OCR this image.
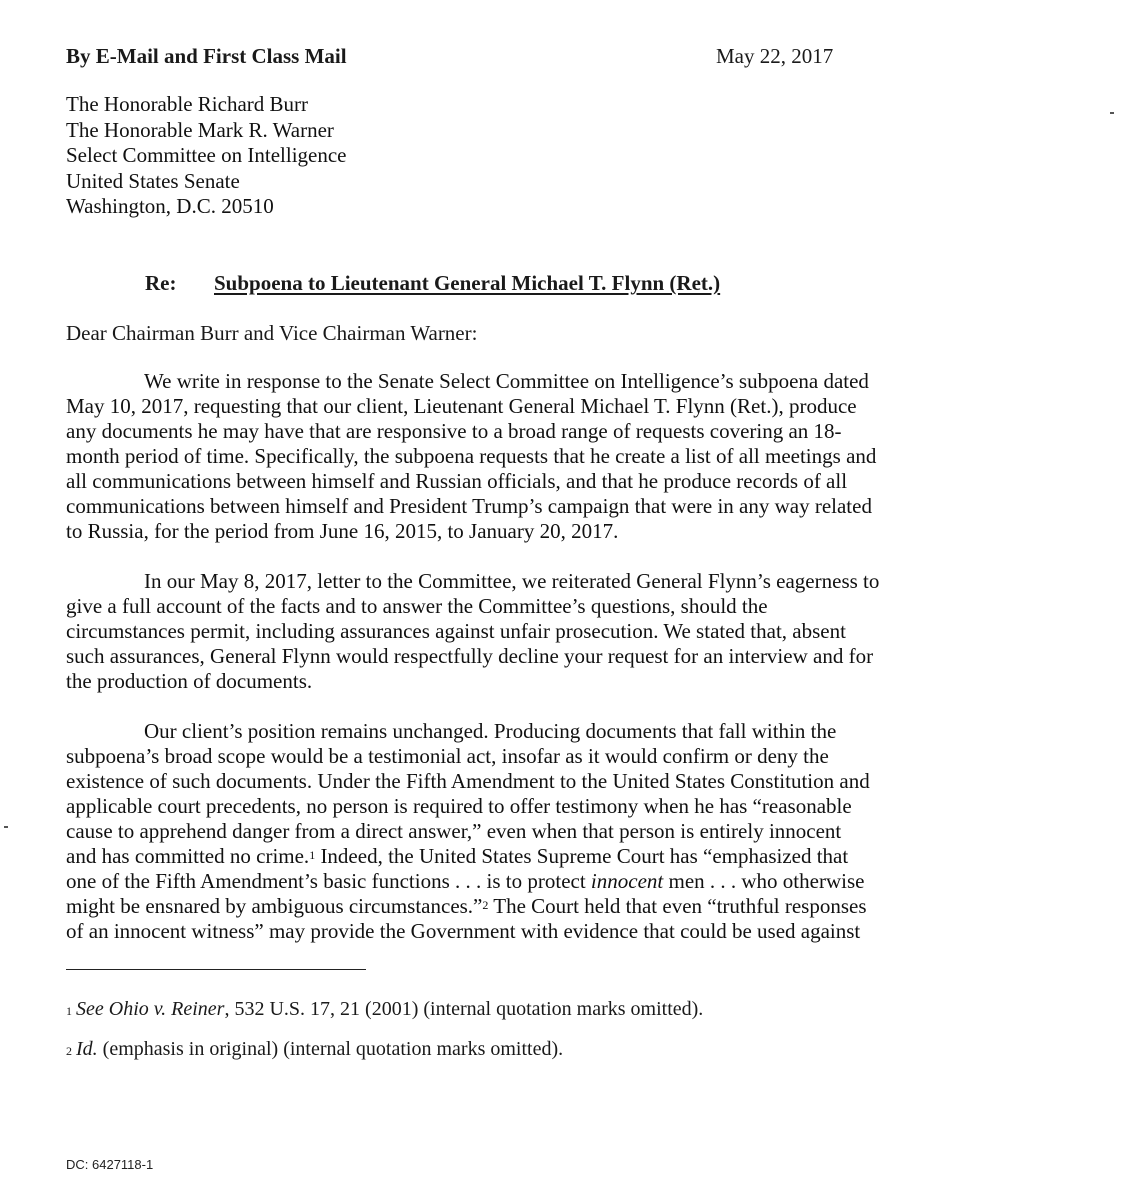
By E-Mail and First Class Mail	May 22, 2017
The Honorable Richard Burr
The Honorable Mark R. Warner
Select Committee on Intelligence
United States Senate
Washington, D.C. 20510
Re: Subpoena to Lieutenant General Michael T. Flynn (Ret.)
Dear Chairman Burr and Vice Chairman Warner:
We write in response to the Senate Select Committee on Intelligence’s subpoena dated
May 10, 2017, requesting that our client, Lieutenant General Michael T. Flynn (Ret.), produce
any documents he may have that are responsive to a broad range of requests covering an 18-
month period of time. Specifically, the subpoena requests that he create a list of all meetings and
all communications between himself and Russian officials, and that he produce records of all
communications between himself and President Trump’s campaign that were in any way related
to Russia, for the period from June 16, 2015, to January 20, 2017.
In our May 8, 2017, letter to the Committee, we reiterated General Flynn’s eagerness to
give a full account of the facts and to answer the Committee’s questions, should the
circumstances permit, including assurances against unfair prosecution. We stated that, absent
such assurances, General Flynn would respectfully decline your request for an interview and for
the production of documents.
Our client’s position remains unchanged. Producing documents that fall within the
subpoena’s broad scope would be a testimonial act, insofar as it would confirm or deny the
existence of such documents. Under the Fifth Amendment to the United States Constitution and
applicable court precedents, no person is required to offer testimony when he has “reasonable
cause to apprehend danger from a direct answer,” even when that person is entirely innocent
and has committed no crime.$^1$ Indeed, the United States Supreme Court has “emphasized that
one of the Fifth Amendment’s basic functions . . . is to protect innocent men . . . who otherwise
might be ensnared by ambiguous circumstances.”$^2$ The Court held that even “truthful responses
of an innocent witness” may provide the Government with evidence that could be used against
$^1$ See Ohio v. Reiner, 532 U.S. 17, 21 (2001) (internal quotation marks omitted).
$^2$ Id. (emphasis in original) (internal quotation marks omitted).
DC: 6427118-1
